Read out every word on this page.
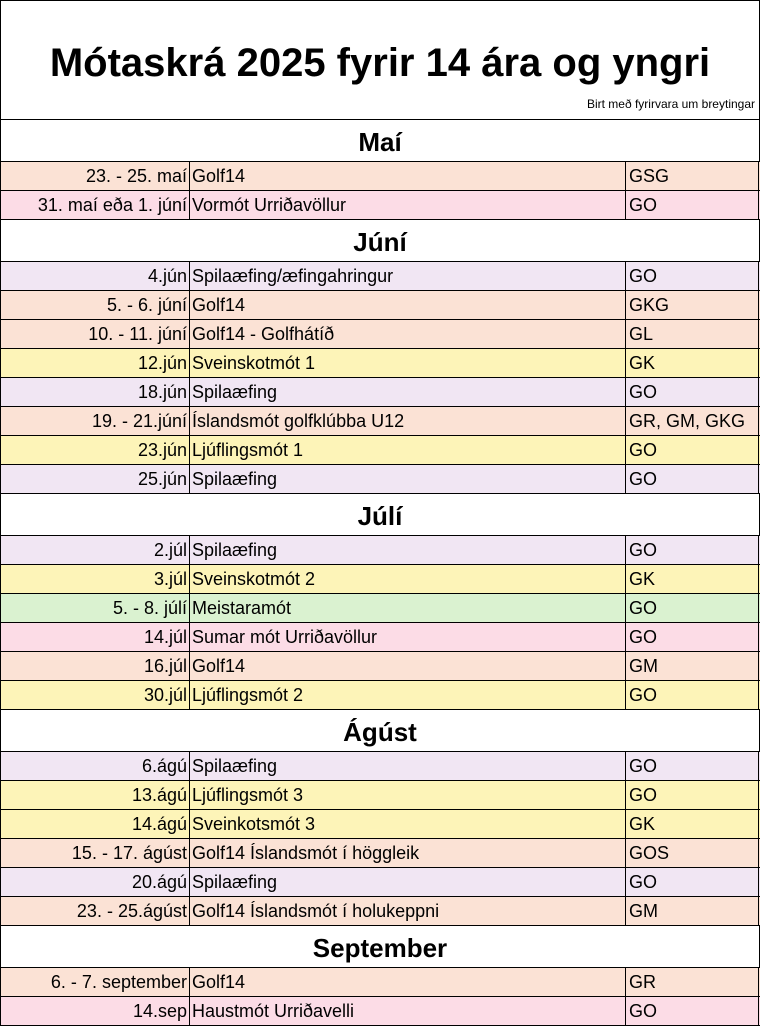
Mótaskrá 2025 fyrir 14 ára og yngri
Birt með fyrirvara um breytingar
Maí
23. - 25. maí Golf14	GSG
31. maí eða 1. júní Vormót Urriðavöllur	GO
Júní
4.jún Spilaæfing/æfingahringur	GO
5. - 6. júní Golf14	GKG
10. - 11. júní Golf14 - Golfhátíð	GL
12.jún Sveinskotmót 1	GK
18.jún Spilaæfing	GO
19. - 21.júní Íslandsmót golfklúbba U12	GR, GM, GKG
23.jún Ljúflingsmót 1	GO
25.jún Spilaæfing	GO
Júlí
2.júl Spilaæfing	GO
3.júl Sveinskotmót 2	GK
5. - 8. júlí Meistaramót	GO
14.júl Sumar mót Urriðavöllur	GO
16.júl Golf14	GM
30.júl Ljúflingsmót 2	GO
Ágúst
6.ágú Spilaæfing	GO
13.ágú Ljúflingsmót 3	GO
14.ágú Sveinkotsmót 3	GK
15. - 17. ágúst Golf14 Íslandsmót í höggleik	GOS
20.ágú Spilaæfing	GO
23. - 25.ágúst Golf14 Íslandsmót í holukeppni	GM
September
6. - 7. september Golf14	GR
14.sep Haustmót Urriðavelli	GO
